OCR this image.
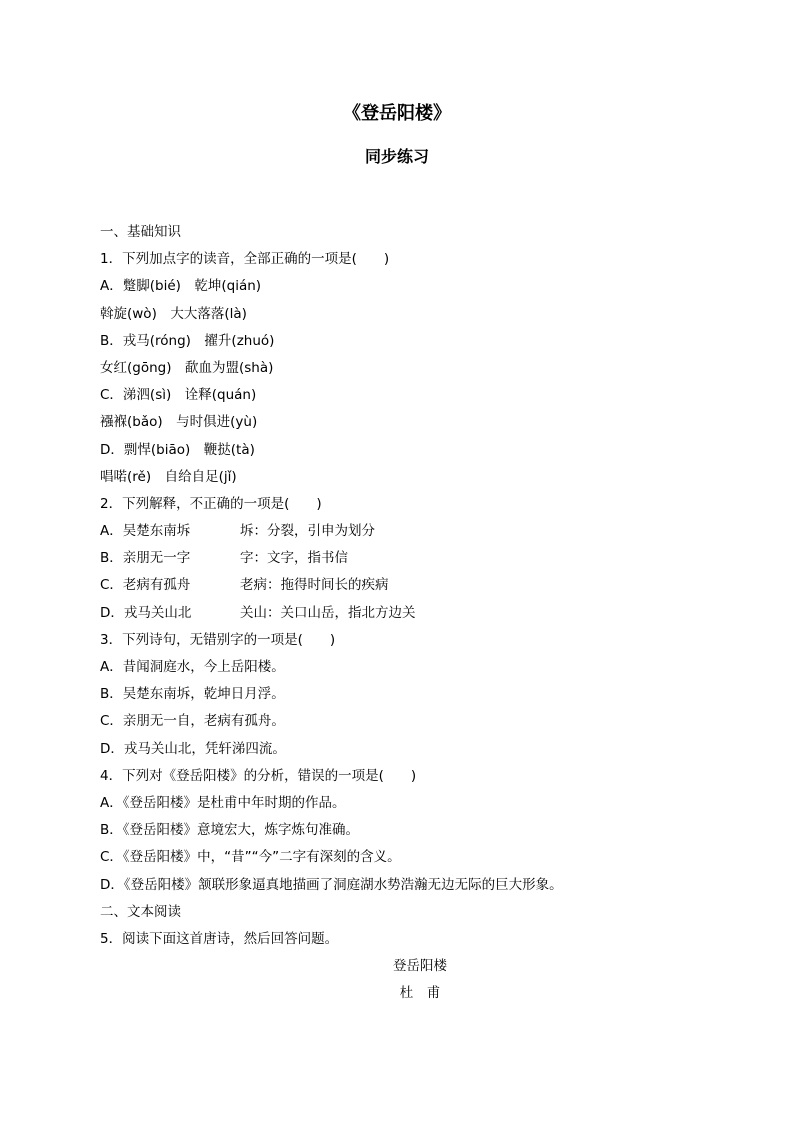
《登岳阳楼》
同步练习
一、基础知识
1．下列加点字的读音，全部正确的一项是(　　)
A．蹩脚(bié)　乾坤(qián)
斡旋(wò)　大大落落(là)
B．戎马(róng)　擢升(zhuó)
女红(gōng)　歃血为盟(shà)
C．涕泗(sì)　诠释(quán)
襁褓(bǎo)　与时俱进(yù)
D．剽悍(biāo)　鞭挞(tà)
唱喏(rě)　自给自足(jǐ)
2．下列解释，不正确的一项是(　　)
A．吴楚东南坼	坼：分裂，引申为划分
B．亲朋无一字	字：文字，指书信
C．老病有孤舟	老病：拖得时间长的疾病
D．戎马关山北	关山：关口山岳，指北方边关
3．下列诗句，无错别字的一项是(　　)
A．昔闻洞庭水，今上岳阳楼。
B．吴楚东南坼，乾坤日月浮。
C．亲朋无一自，老病有孤舟。
D．戎马关山北，凭轩涕四流。
4．下列对《登岳阳楼》的分析，错误的一项是(　　)
A．《登岳阳楼》是杜甫中年时期的作品。
B．《登岳阳楼》意境宏大，炼字炼句准确。
C．《登岳阳楼》中，“昔”“今”二字有深刻的含义。
D．《登岳阳楼》颔联形象逼真地描画了洞庭湖水势浩瀚无边无际的巨大形象。
二、文本阅读
5．阅读下面这首唐诗，然后回答问题。
登岳阳楼
杜　甫
